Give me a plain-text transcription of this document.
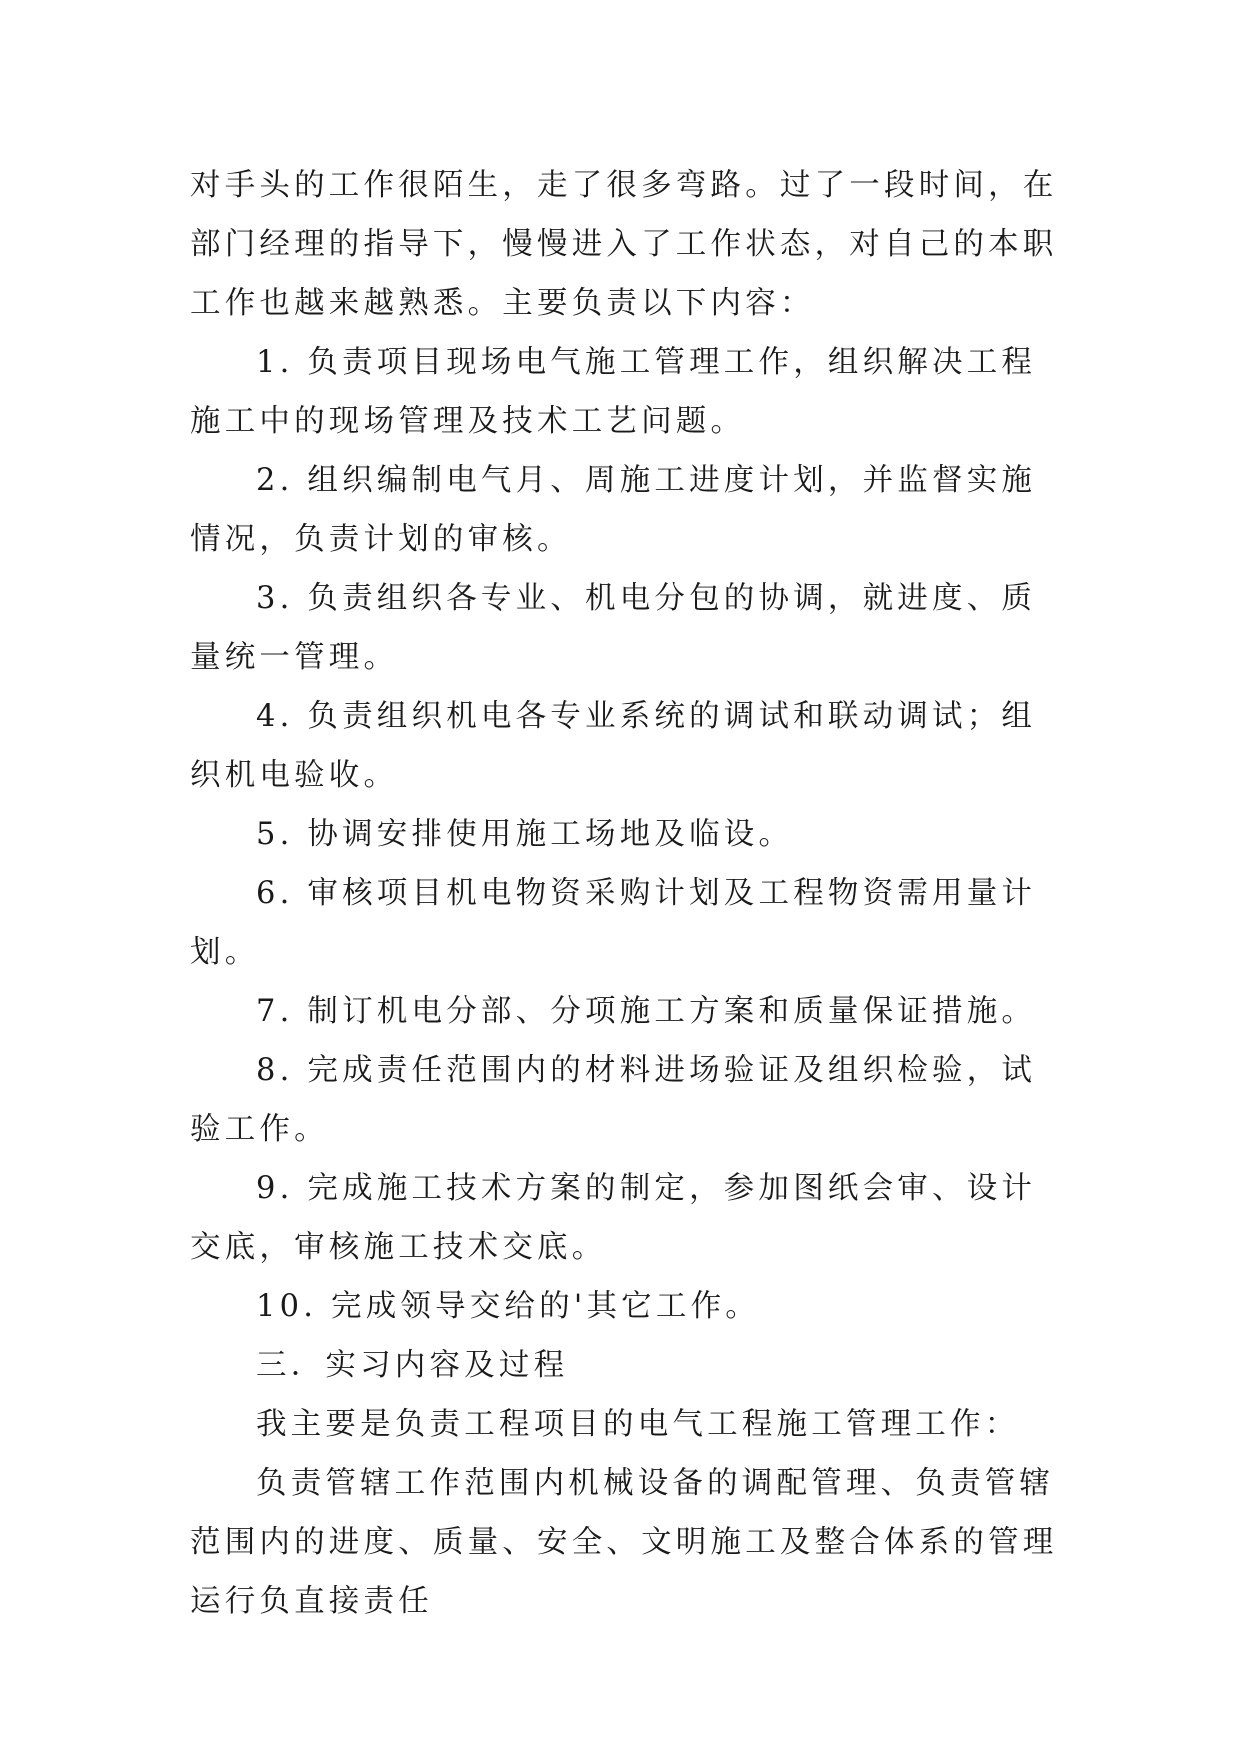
对手头的工作很陌生，走了很多弯路。过了一段时间，在部门经理的指导下，慢慢进入了工作状态，对自己的本职工作也越来越熟悉。主要负责以下内容：

1. 负责项目现场电气施工管理工作，组织解决工程施工中的现场管理及技术工艺问题。

2. 组织编制电气月、周施工进度计划，并监督实施情况，负责计划的审核。

3. 负责组织各专业、机电分包的协调，就进度、质量统一管理。

4. 负责组织机电各专业系统的调试和联动调试；组织机电验收。

5. 协调安排使用施工场地及临设。

6. 审核项目机电物资采购计划及工程物资需用量计划。

7. 制订机电分部、分项施工方案和质量保证措施。

8. 完成责任范围内的材料进场验证及组织检验，试验工作。

9. 完成施工技术方案的制定，参加图纸会审、设计交底，审核施工技术交底。

10. 完成领导交给的'其它工作。

三．实习内容及过程

我主要是负责工程项目的电气工程施工管理工作：

负责管辖工作范围内机械设备的调配管理、负责管辖范围内的进度、质量、安全、文明施工及整合体系的管理运行负直接责任
